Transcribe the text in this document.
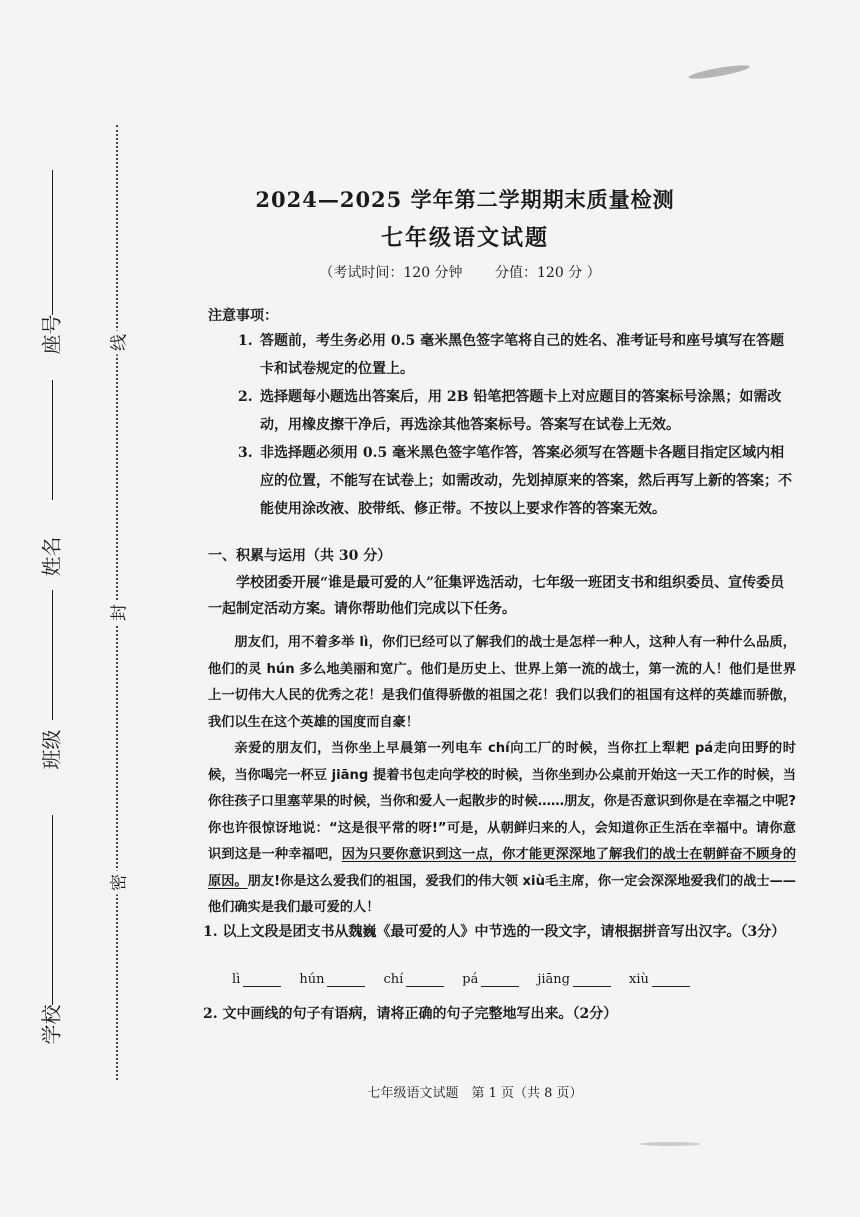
座号
姓名
班级
学校
线
封
密
2024—2025 学年第二学期期末质量检测
七年级语文试题
（考试时间：120 分钟 分值：120 分 ）
注意事项：
1. 答题前，考生务必用 0.5 毫米黑色签字笔将自己的姓名、准考证号和座号填写在答题卡和试卷规定的位置上。
2. 选择题每小题选出答案后，用 2B 铅笔把答题卡上对应题目的答案标号涂黑；如需改动，用橡皮擦干净后，再选涂其他答案标号。答案写在试卷上无效。
3. 非选择题必须用 0.5 毫米黑色签字笔作答，答案必须写在答题卡各题目指定区域内相应的位置，不能写在试卷上；如需改动，先划掉原来的答案，然后再写上新的答案；不能使用涂改液、胶带纸、修正带。不按以上要求作答的答案无效。
一、积累与运用（共 30 分）
学校团委开展“谁是最可爱的人”征集评选活动，七年级一班团支书和组织委员、宣传委员一起制定活动方案。请你帮助他们完成以下任务。

朋友们，用不着多举 lì，你们已经可以了解我们的战士是怎样一种人，这种人有一种什么品质，他们的灵 hún 多么地美丽和宽广。他们是历史上、世界上第一流的战士，第一流的人！他们是世界上一切伟大人民的优秀之花！是我们值得骄傲的祖国之花！我们以我们的祖国有这样的英雄而骄傲，我们以生在这个英雄的国度而自豪！

亲爱的朋友们，当你坐上早晨第一列电车 chí向工厂的时候，当你扛上犁耙 pá走向田野的时候，当你喝完一杯豆 jiāng 提着书包走向学校的时候，当你坐到办公桌前开始这一天工作的时候，当你往孩子口里塞苹果的时候，当你和爱人一起散步的时候……朋友，你是否意识到你是在幸福之中呢?你也许很惊讶地说：“这是很平常的呀!”可是，从朝鲜归来的人，会知道你正生活在幸福中。请你意识到这是一种幸福吧，因为只要你意识到这一点，你才能更深深地了解我们的战士在朝鲜奋不顾身的原因。朋友!你是这么爱我们的祖国，爱我们的伟大领 xiù毛主席，你一定会深深地爱我们的战士——他们确实是我们最可爱的人！

1. 以上文段是团支书从魏巍《最可爱的人》中节选的一段文字，请根据拼音写出汉字。（3分）
lì	hún	chí	pá	jiāng	xiù
2. 文中画线的句子有语病，请将正确的句子完整地写出来。（2分）
七年级语文试题　第 1 页（共 8 页）
